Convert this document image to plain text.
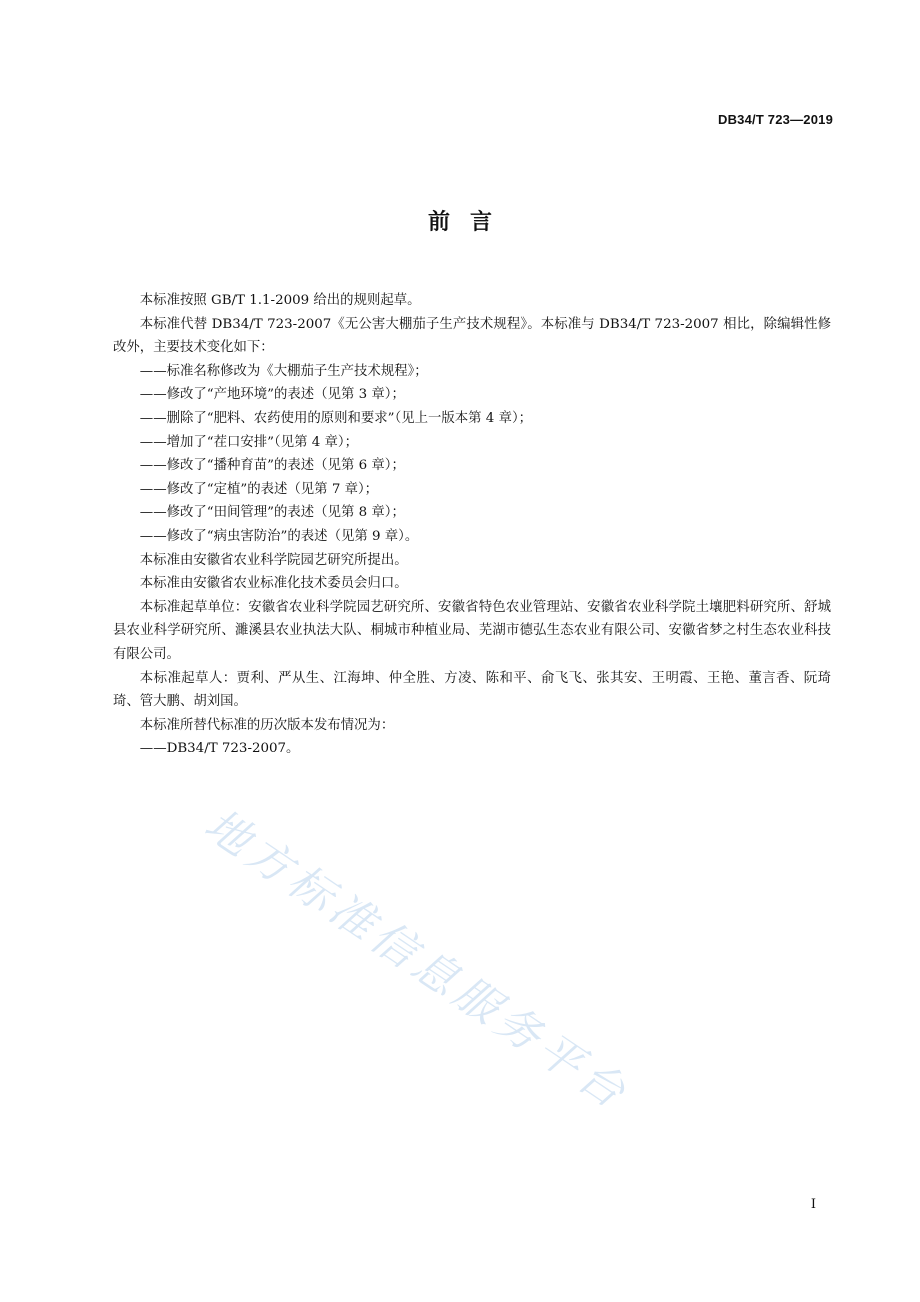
DB34/T 723—2019
前言

本标准按照 GB/T 1.1-2009 给出的规则起草。

本标准代替 DB34/T 723-2007《无公害大棚茄子生产技术规程》。本标准与 DB34/T 723-2007 相比，除编辑性修改外，主要技术变化如下：

——标准名称修改为《大棚茄子生产技术规程》；

——修改了“产地环境”的表述（见第 3 章）；

——删除了“肥料、农药使用的原则和要求”（见上一版本第 4 章）；

——增加了“茬口安排”（见第 4 章）；

——修改了“播种育苗”的表述（见第 6 章）；

——修改了“定植”的表述（见第 7 章）；

——修改了“田间管理”的表述（见第 8 章）；

——修改了“病虫害防治”的表述（见第 9 章）。

本标准由安徽省农业科学院园艺研究所提出。

本标准由安徽省农业标准化技术委员会归口。

本标准起草单位：安徽省农业科学院园艺研究所、安徽省特色农业管理站、安徽省农业科学院土壤肥料研究所、舒城县农业科学研究所、濉溪县农业执法大队、桐城市种植业局、芜湖市德弘生态农业有限公司、安徽省梦之村生态农业科技有限公司。

本标准起草人：贾利、严从生、江海坤、仲全胜、方凌、陈和平、俞飞飞、张其安、王明霞、王艳、董言香、阮琦琦、管大鹏、胡刘国。

本标准所替代标准的历次版本发布情况为：

——DB34/T 723-2007。

地方标准信息服务平台
I
